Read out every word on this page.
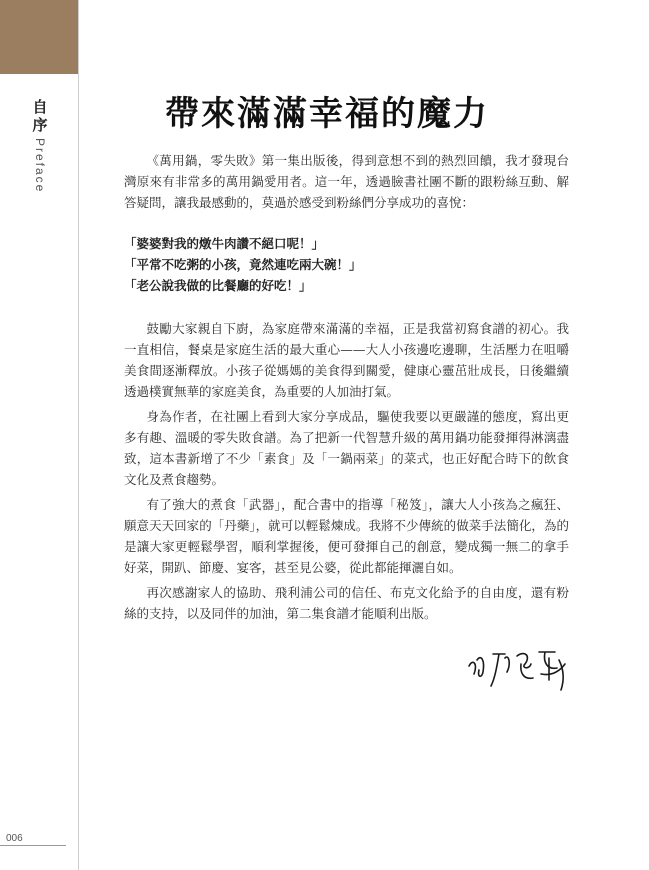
自序
Preface
帶來滿滿幸福的魔力

《萬用鍋，零失敗》第一集出版後，得到意想不到的熱烈回饋，我才發現台灣原來有非常多的萬用鍋愛用者。這一年，透過臉書社團不斷的跟粉絲互動、解答疑問，讓我最感動的，莫過於感受到粉絲們分享成功的喜悅：

「婆婆對我的燉牛肉讚不絕口呢！」

「平常不吃粥的小孩，竟然連吃兩大碗！」

「老公說我做的比餐廳的好吃！」

鼓勵大家親自下廚，為家庭帶來滿滿的幸福，正是我當初寫食譜的初心。我一直相信，餐桌是家庭生活的最大重心——大人小孩邊吃邊聊，生活壓力在咀嚼美食間逐漸釋放。小孩子從媽媽的美食得到關愛，健康心靈茁壯成長，日後繼續透過樸實無華的家庭美食，為重要的人加油打氣。

身為作者，在社團上看到大家分享成品，驅使我要以更嚴謹的態度，寫出更多有趣、溫暖的零失敗食譜。為了把新一代智慧升級的萬用鍋功能發揮得淋漓盡致，這本書新增了不少「素食」及「一鍋兩菜」的菜式，也正好配合時下的飲食文化及煮食趨勢。

有了強大的煮食「武器」，配合書中的指導「秘笈」，讓大人小孩為之瘋狂、願意天天回家的「丹藥」，就可以輕鬆煉成。我將不少傳統的做菜手法簡化，為的是讓大家更輕鬆學習，順利掌握後，便可發揮自己的創意，變成獨一無二的拿手好菜，開趴、節慶、宴客，甚至見公婆，從此都能揮灑自如。

再次感謝家人的協助、飛利浦公司的信任、布克文化給予的自由度，還有粉絲的支持，以及同伴的加油，第二集食譜才能順利出版。

006
